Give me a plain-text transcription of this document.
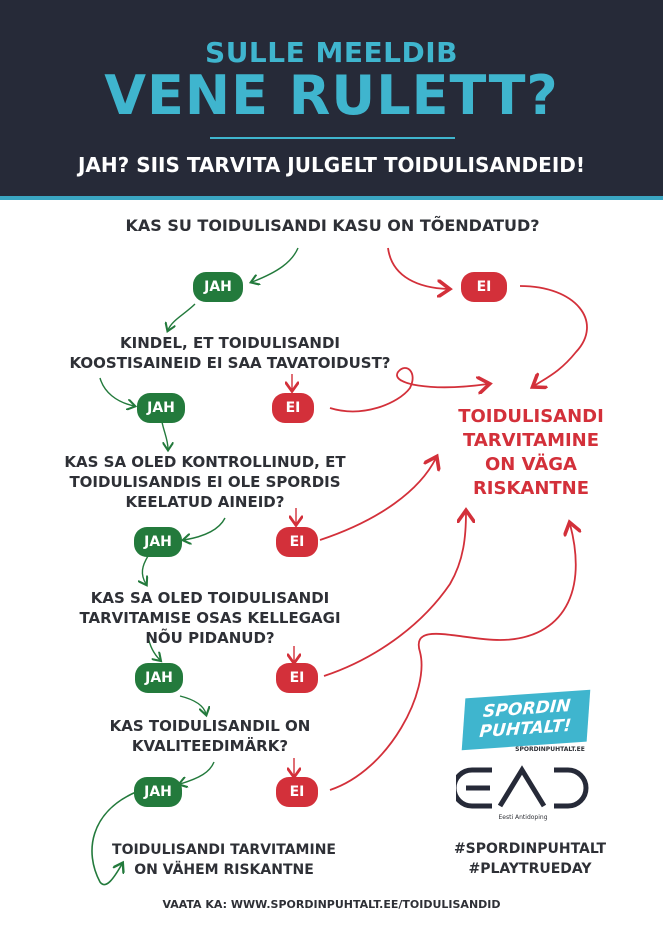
SULLE MEELDIB
VENE RULETT?
JAH? SIIS TARVITA JULGELT TOIDULISANDEID!
KAS SU TOIDULISANDI KASU ON TÕENDATUD?
KINDEL, ET TOIDULISANDI
KOOSTISAINEID EI SAA TAVATOIDUST?
KAS SA OLED KONTROLLINUD, ET
TOIDULISANDIS EI OLE SPORDIS
KEELATUD AINEID?
KAS SA OLED TOIDULISANDI
TARVITAMISE OSAS KELLEGAGI
NÕU PIDANUD?
KAS TOIDULISANDIL ON
KVALITEEDIMÄRK?
JAH	EI
JAH	EI
JAH	EI
JAH	EI
JAH	EI
TOIDULISANDI
TARVITAMINE
ON VÄGA
RISKANTNE
TOIDULISANDI TARVITAMINE
ON VÄHEM RISKANTNE
SPORDIN
PUHTALT!
SPORDINPUHTALT.EE
Eesti Antidoping
#SPORDINPUHTALT
#PLAYTRUEDAY
VAATA KA: WWW.SPORDINPUHTALT.EE/TOIDULISANDID
